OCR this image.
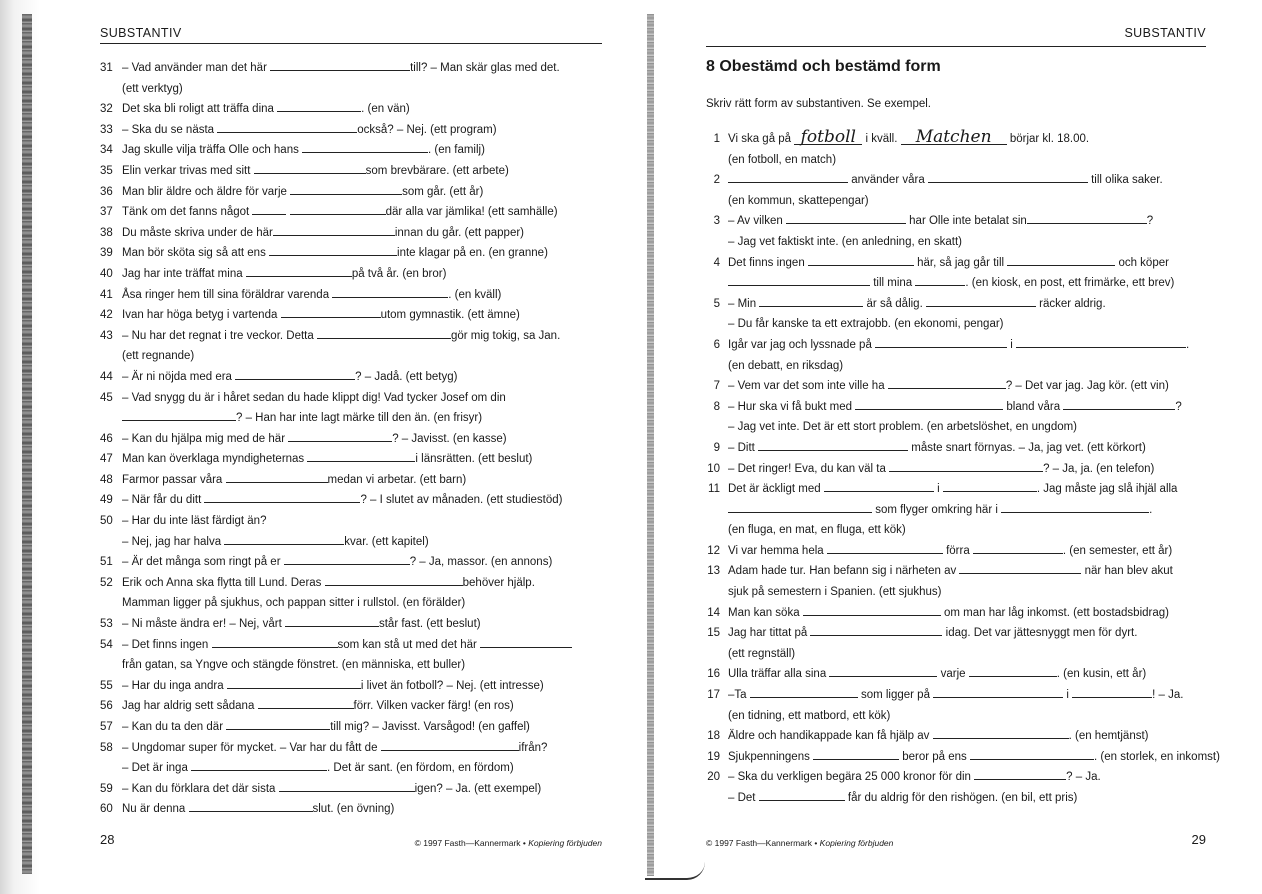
SUBSTANTIV
31 – Vad använder man det här	till? – Man skär glas med det.
(ett verktyg)
32 Det ska bli roligt att träffa dina	. (en vän)
33 – Ska du se nästa	också? – Nej. (ett program)
34 Jag skulle vilja träffa Olle och hans	. (en familj)
35 Elin verkar trivas med sitt	som brevbärare. (ett arbete)
36 Man blir äldre och äldre för varje	som går. (ett år)
37 Tänk om det fanns något	där alla var jämlika! (ett samhälle)
38 Du måste skriva under de här	innan du går. (ett papper)
39 Man bör sköta sig så att ens	inte klagar på en. (en granne)
40 Jag har inte träffat mina	på två år. (en bror)
41 Åsa ringer hem till sina föräldrar varenda	. (en kväll)
42 Ivan har höga betyg i vartenda	utom gymnastik. (ett ämne)
43 – Nu har det regnat i tre veckor. Detta	gör mig tokig, sa Jan.
(ett regnande)
44 – Är ni nöjda med era	? – Jadå. (ett betyg)
45 – Vad snygg du är i håret sedan du hade klippt dig! Vad tycker Josef om din
? – Han har inte lagt märke till den än. (en frisyr)
46 – Kan du hjälpa mig med de här	? – Javisst. (en kasse)
47 Man kan överklaga myndigheternas	i länsrätten. (ett beslut)
48 Farmor passar våra	medan vi arbetar. (ett barn)
49 – När får du ditt	? – I slutet av månaden. (ett studiestöd)
50 – Har du inte läst färdigt än?
– Nej, jag har halva	kvar. (ett kapitel)
51 – Är det många som ringt på er	? – Ja, massor. (en annons)
52 Erik och Anna ska flytta till Lund. Deras	behöver hjälp.
Mamman ligger på sjukhus, och pappan sitter i rullstol. (en förälder)
53 – Ni måste ändra er! – Nej, vårt	står fast. (ett beslut)
54 – Det finns ingen	som kan stå ut med det här
från gatan, sa Yngve och stängde fönstret. (en människa, ett buller)
55 – Har du inga andra	i livet än fotboll? – Nej. (ett intresse)
56 Jag har aldrig sett sådana	förr. Vilken vacker färg! (en ros)
57 – Kan du ta den där	till mig? – Javisst. Varsågod! (en gaffel)
58 – Ungdomar super för mycket. – Var har du fått de	ifrån?
– Det är inga	. Det är sant. (en fördom, en fördom)
59 – Kan du förklara det där sista	igen? – Ja. (ett exempel)
60 Nu är denna	slut. (en övning)
28	© 1997 Fasth—Kannermark • Kopiering förbjuden
SUBSTANTIV
8 Obestämd och bestämd form
Skriv rätt form av substantiven. Se exempel.
1 Vi ska gå på fotboll i kväll. Matchen börjar kl. 18.00.
(en fotboll, en match)
2	använder våra	till olika saker.
(en kommun, skattepengar)
3 – Av vilken	har Olle inte betalat sin	?
– Jag vet faktiskt inte. (en anledning, en skatt)
4 Det finns ingen	här, så jag går till	och köper
till mina	. (en kiosk, en post, ett frimärke, ett brev)
5 – Min	är så dålig.	räcker aldrig.
– Du får kanske ta ett extrajobb. (en ekonomi, pengar)
6 Igår var jag och lyssnade på	i	.
(en debatt, en riksdag)
7 – Vem var det som inte ville ha	? – Det var jag. Jag kör. (ett vin)
8 – Hur ska vi få bukt med	bland våra	?
– Jag vet inte. Det är ett stort problem. (en arbetslöshet, en ungdom)
9 – Ditt	måste snart förnyas. – Ja, jag vet. (ett körkort)
10 – Det ringer! Eva, du kan väl ta	? – Ja, ja. (en telefon)
11 Det är äckligt med	i	. Jag måste jag slå ihjäl alla
som flyger omkring här i	.
(en fluga, en mat, en fluga, ett kök)
12 Vi var hemma hela	förra	. (en semester, ett år)
13 Adam hade tur. Han befann sig i närheten av	när han blev akut
sjuk på semestern i Spanien. (ett sjukhus)
14 Man kan söka	om man har låg inkomst. (ett bostadsbidrag)
15 Jag har tittat på	idag. Det var jättesnyggt men för dyrt.
(ett regnställ)
16 Ulla träffar alla sina	varje	. (en kusin, ett år)
17 –Ta	som ligger på	i	! – Ja.
(en tidning, ett matbord, ett kök)
18 Äldre och handikappade kan få hjälp av	. (en hemtjänst)
19 Sjukpenningens	beror på ens	. (en storlek, en inkomst)
20 – Ska du verkligen begära 25 000 kronor för din	? – Ja.
– Det	får du aldrig för den rishögen. (en bil, ett pris)
29
© 1997 Fasth—Kannermark • Kopiering förbjuden
